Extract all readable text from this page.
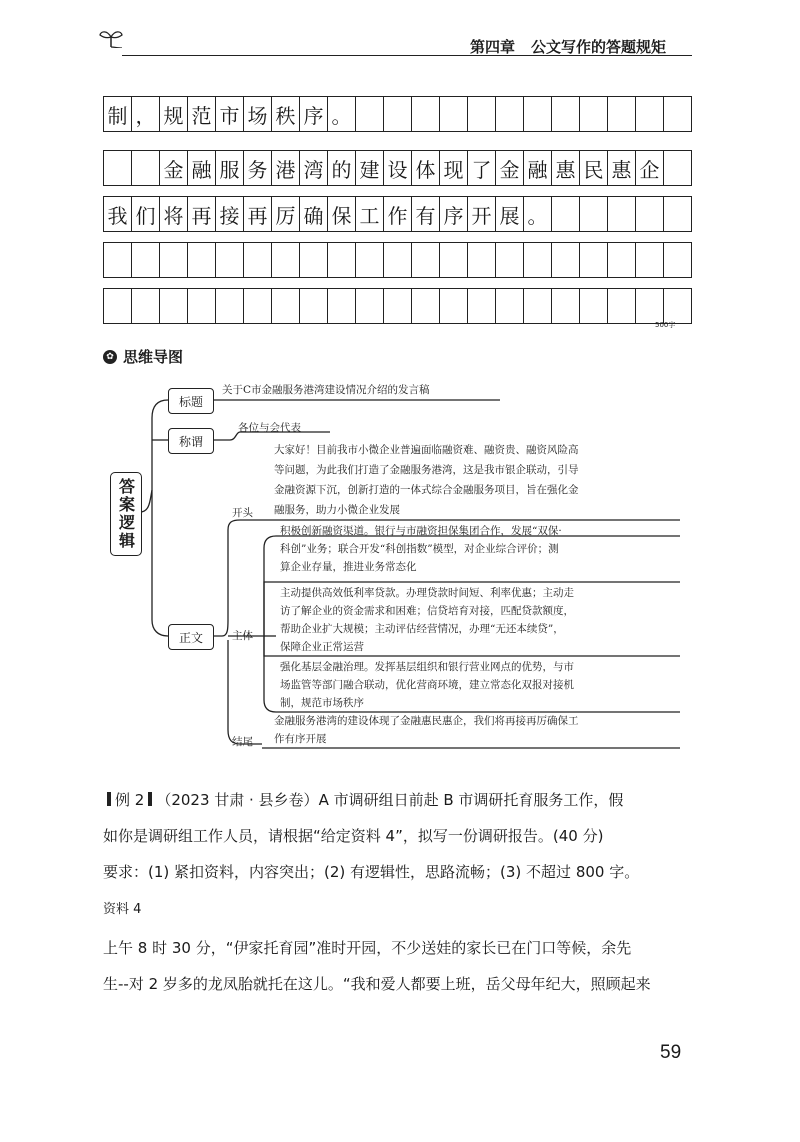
第四章 公文写作的答题规矩
制 ， 规 范 市 场 秩 序 。
金 融 服 务 港 湾 的 建 设 体 现 了 金 融 惠 民 惠 企
我 们 将 再 接 再 厉 确 保 工 作 有 序 开 展 。
500字
✿ 思维导图
答案逻辑
标题
关于C市金融服务港湾建设情况介绍的发言稿
称谓
各位与会代表
正文
开头
大家好！目前我市小微企业普遍面临融资难、融资贵、融资风险高
等问题，为此我们打造了金融服务港湾，这是我市银企联动，引导
金融资源下沉，创新打造的一体式综合金融服务项目，旨在强化金
融服务，助力小微企业发展
主体
积极创新融资渠道。银行与市融资担保集团合作，发展“双保·
科创”业务；联合开发“科创指数”模型，对企业综合评价；测
算企业存量，推进业务常态化
主动提供高效低利率贷款。办理贷款时间短、利率优惠；主动走
访了解企业的资金需求和困难；信贷培育对接，匹配贷款额度，
帮助企业扩大规模；主动评估经营情况，办理“无还本续贷”，
保障企业正常运营
强化基层金融治理。发挥基层组织和银行营业网点的优势，与市
场监管等部门融合联动，优化营商环境，建立常态化双报对接机
制，规范市场秩序
结尾
金融服务港湾的建设体现了金融惠民惠企，我们将再接再厉确保工
作有序开展
例 2 （2023 甘肃 · 县乡卷）A 市调研组日前赴 B 市调研托育服务工作，假
如你是调研组工作人员，请根据“给定资料 4”，拟写一份调研报告。(40 分)
要求：(1) 紧扣资料，内容突出；(2) 有逻辑性，思路流畅；(3) 不超过 800 字。
资料 4
上午 8 时 30 分，“伊家托育园”准时开园，不少送娃的家长已在门口等候，余先
生--对 2 岁多的龙凤胎就托在这儿。“我和爱人都要上班，岳父母年纪大，照顾起来
59
